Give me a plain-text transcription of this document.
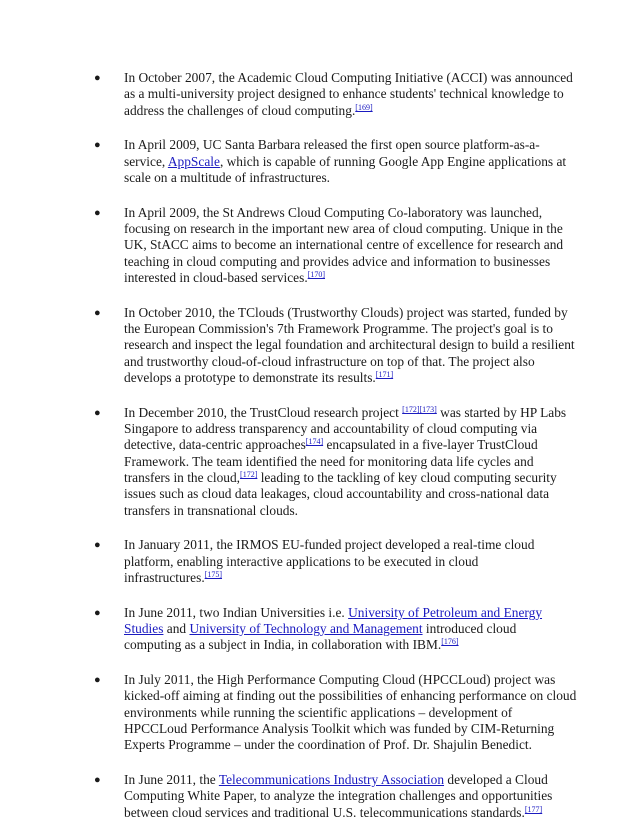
● In October 2007, the Academic Cloud Computing Initiative (ACCI) was announced
as a multi-university project designed to enhance students' technical knowledge to
address the challenges of cloud computing.[169]
● In April 2009, UC Santa Barbara released the first open source platform-as-a-
service, AppScale, which is capable of running Google App Engine applications at
scale on a multitude of infrastructures.
● In April 2009, the St Andrews Cloud Computing Co-laboratory was launched,
focusing on research in the important new area of cloud computing. Unique in the
UK, StACC aims to become an international centre of excellence for research and
teaching in cloud computing and provides advice and information to businesses
interested in cloud-based services.[170]
● In October 2010, the TClouds (Trustworthy Clouds) project was started, funded by
the European Commission's 7th Framework Programme. The project's goal is to
research and inspect the legal foundation and architectural design to build a resilient
and trustworthy cloud-of-cloud infrastructure on top of that. The project also
develops a prototype to demonstrate its results.[171]
● In December 2010, the TrustCloud research project [172][173] was started by HP Labs
Singapore to address transparency and accountability of cloud computing via
detective, data-centric approaches[174] encapsulated in a five-layer TrustCloud
Framework. The team identified the need for monitoring data life cycles and
transfers in the cloud,[172] leading to the tackling of key cloud computing security
issues such as cloud data leakages, cloud accountability and cross-national data
transfers in transnational clouds.
● In January 2011, the IRMOS EU-funded project developed a real-time cloud
platform, enabling interactive applications to be executed in cloud
infrastructures.[175]
● In June 2011, two Indian Universities i.e. University of Petroleum and Energy
Studies and University of Technology and Management introduced cloud
computing as a subject in India, in collaboration with IBM.[176]
● In July 2011, the High Performance Computing Cloud (HPCCLoud) project was
kicked-off aiming at finding out the possibilities of enhancing performance on cloud
environments while running the scientific applications – development of
HPCCLoud Performance Analysis Toolkit which was funded by CIM-Returning
Experts Programme – under the coordination of Prof. Dr. Shajulin Benedict.
● In June 2011, the Telecommunications Industry Association developed a Cloud
Computing White Paper, to analyze the integration challenges and opportunities
between cloud services and traditional U.S. telecommunications standards.[177]
